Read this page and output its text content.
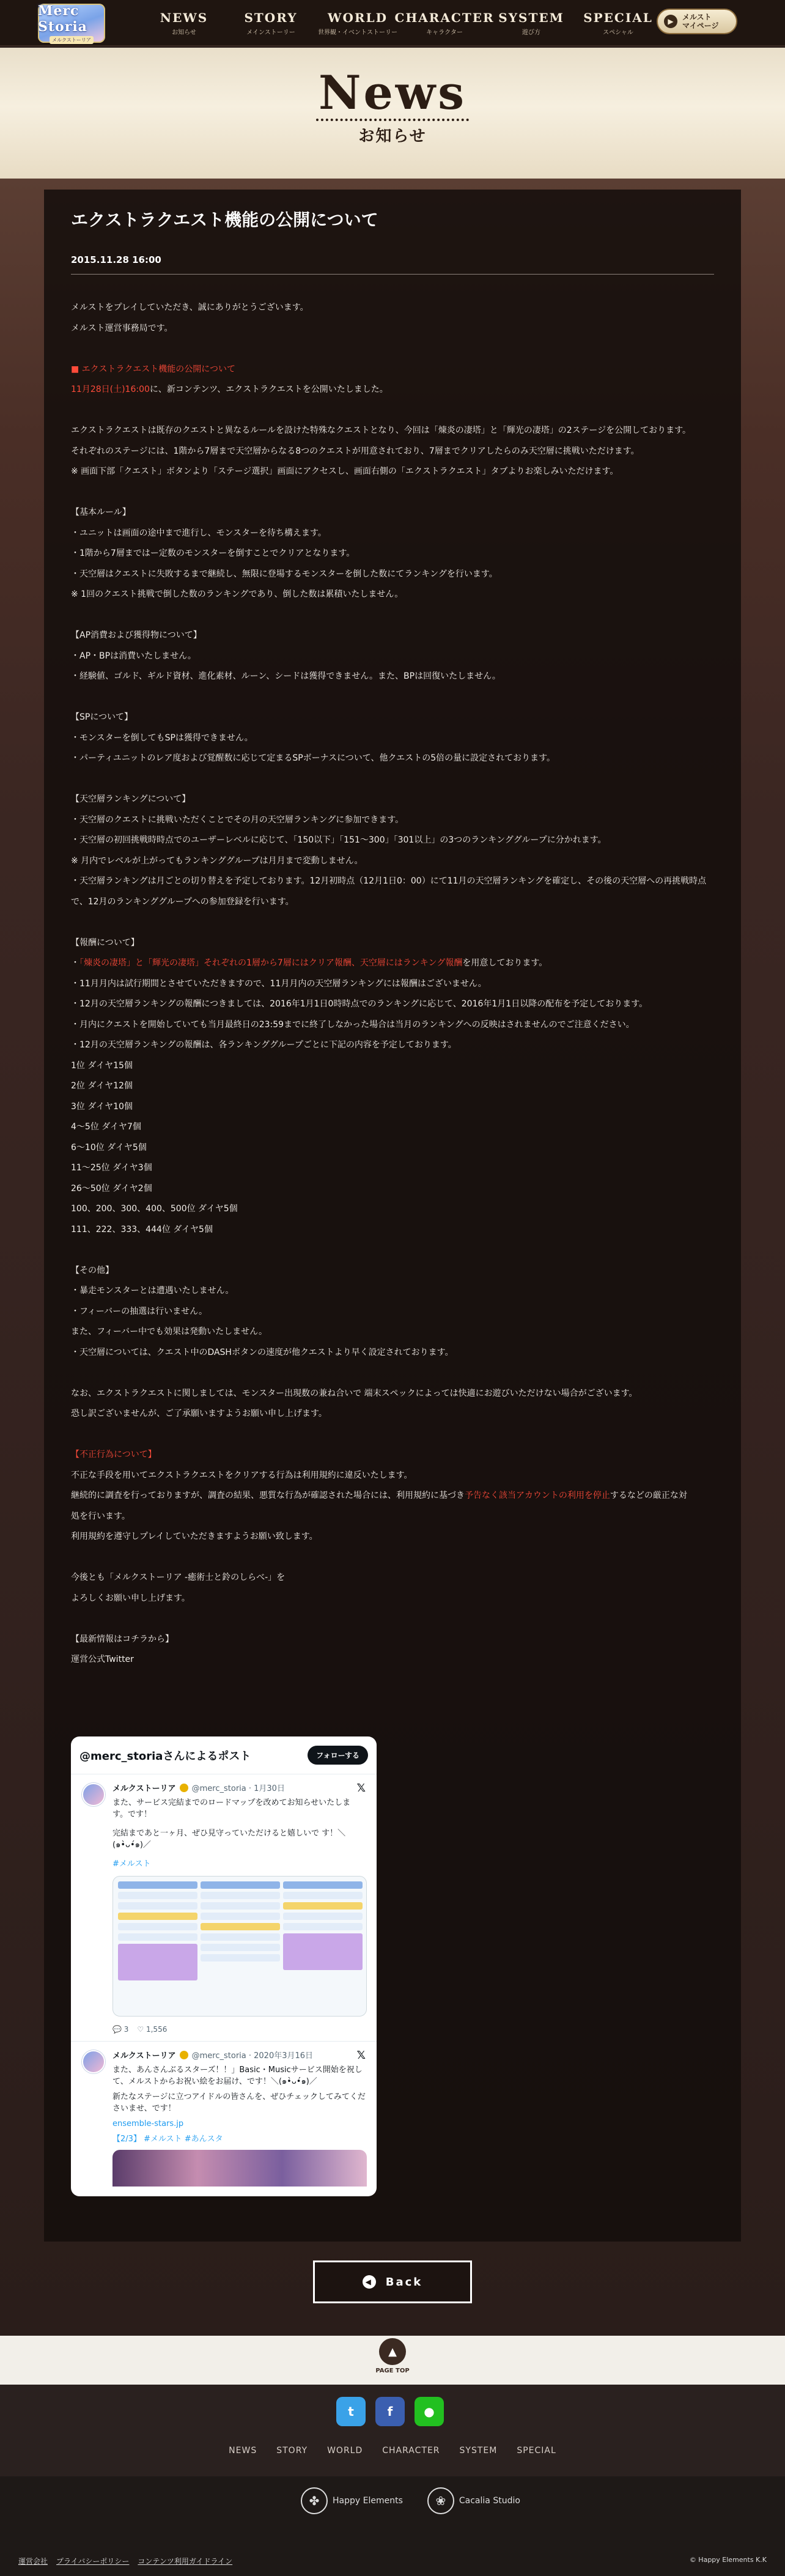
Merc Storia
メルクストーリア
NEWS
お知らせ
STORY
メインストーリー
WORLD
世界観・イベントストーリー
CHARACTER
キャラクター
SYSTEM
遊び方
SPECIAL
スペシャル
▶	メルスト
マイページ
News
お知らせ
エクストラクエスト機能の公開について
2015.11.28 16:00

メルストをプレイしていただき、誠にありがとうございます。

メルスト運営事務局です。

■ エクストラクエスト機能の公開について

11月28日(土)16:00に、新コンテンツ、エクストラクエストを公開いたしました。

エクストラクエストは既存のクエストと異なるルールを設けた特殊なクエストとなり、今回は「煉炎の凄塔」と「輝光の凄塔」の2ステージを公開しております。

それぞれのステージには、1階から7層まで天空層からなる8つのクエストが用意されており、7層までクリアしたらのみ天空層に挑戦いただけます。

※ 画面下部「クエスト」ボタンより「ステージ選択」画面にアクセスし、画面右側の「エクストラクエスト」タブよりお楽しみいただけます。

【基本ルール】

・ユニットは画面の途中まで進行し、モンスターを待ち構えます。

・1階から7層まではー定数のモンスターを倒すことでクリアとなります。

・天空層はクエストに失敗するまで継続し、無限に登場するモンスターを倒した数にてランキングを行います。

※ 1回のクエスト挑戦で倒した数のランキングであり、倒した数は累積いたしません。

【AP消費および獲得物について】

・AP・BPは消費いたしません。

・経験値、ゴルド、ギルド資材、進化素材、ルーン、シードは獲得できません。また、BPは回復いたしません。

【SPについて】

・モンスターを倒してもSPは獲得できません。

・パーティユニットのレア度および覚醒数に応じて定まるSPボーナスについて、他クエストの5倍の量に設定されております。

【天空層ランキングについて】

・天空層のクエストに挑戦いただくことでその月の天空層ランキングに参加できます。

・天空層の初回挑戦時時点でのユーザーレベルに応じて、「150以下」「151〜300」「301以上」の3つのランキンググループに分かれます。

※ 月内でレベルが上がってもランキンググループは月月まで変動しません。

・天空層ランキングは月ごとの切り替えを予定しております。12月初時点（12月1日0：00）にて11月の天空層ランキングを確定し、その後の天空層への再挑戦時点

で、12月のランキンググループへの参加登録を行います。

【報酬について】

・「煉炎の凄塔」と「輝光の凄塔」それぞれの1層から7層にはクリア報酬、天空層にはランキング報酬を用意しております。

・11月月内は試行期間とさせていただきますので、11月月内の天空層ランキングには報酬はございません。

・12月の天空層ランキングの報酬につきましては、2016年1月1日0時時点でのランキングに応じて、2016年1月1日以降の配布を予定しております。

・月内にクエストを開始していても当月最終日の23:59までに終了しなかった場合は当月のランキングへの反映はされませんのでご注意ください。

・12月の天空層ランキングの報酬は、各ランキンググループごとに下記の内容を予定しております。

1位 ダイヤ15個

2位 ダイヤ12個

3位 ダイヤ10個

4〜5位 ダイヤ7個

6〜10位 ダイヤ5個

11〜25位 ダイヤ3個

26〜50位 ダイヤ2個

100、200、300、400、500位 ダイヤ5個

111、222、333、444位 ダイヤ5個

【その他】

・暴走モンスターとは遭遇いたしません。

・フィーバーの抽選は行いません。

また、フィーバー中でも効果は発動いたしません。

・天空層については、クエスト中のDASHボタンの速度が他クエストより早く設定されております。

なお、エクストラクエストに関しましては、モンスター出現数の兼ね合いで 端末スペックによっては快適にお遊びいただけない場合がございます。

恐し訳ございませんが、ご了承願いますようお願い申し上げます。

【不正行為について】

不正な手段を用いてエクストラクエストをクリアする行為は利用規約に違反いたします。

継続的に調査を行っておりますが、調査の結果、悪質な行為が確認された場合には、利用規約に基づき予告なく該当アカウントの利用を停止するなどの厳正な対

処を行います。

利用規約を遵守しプレイしていただきますようお願い致します。

今後とも「メルクストーリア -癒術士と鈴のしらべ-」を

よろしくお願い申し上げます。

【最新情報はコチラから】

運営公式Twitter

@merc_storiaさんによるポスト	フォローする
メルクストーリア @merc_storia · 1月30日	𝕏
また、サービス完結までのロードマップを改めてお知らせいたします。です！
完結まであと一ヶ月、ぜひ見守っていただけると嬉しいで す！＼(๑•̀ᴗ•́๑)／
#メルスト
💬 3 ♡ 1,556
メルクストーリア @merc_storia · 2020年3月16日	𝕏
また、あんさんぶるスターズ！！」Basic・Musicサービス開始を祝して、メルストからお祝い絵をお届け、です！＼(๑•̀ᴗ•́๑)／
新たなステージに立つアイドルの皆さんを、ぜひチェックしてみてくださいませ、です！
ensemble-stars.jp
【2/3】 #メルスト #あんスタ
◀ Back
▲
PAGE TOP
t	f	●
NEWS STORY WORLD CHARACTER SYSTEM SPECIAL
✤	Happy Elements	❀	Cacalia Studio
運営会社 プライバシーポリシー コンテンツ利用ガイドライン	© Happy Elements K.K
